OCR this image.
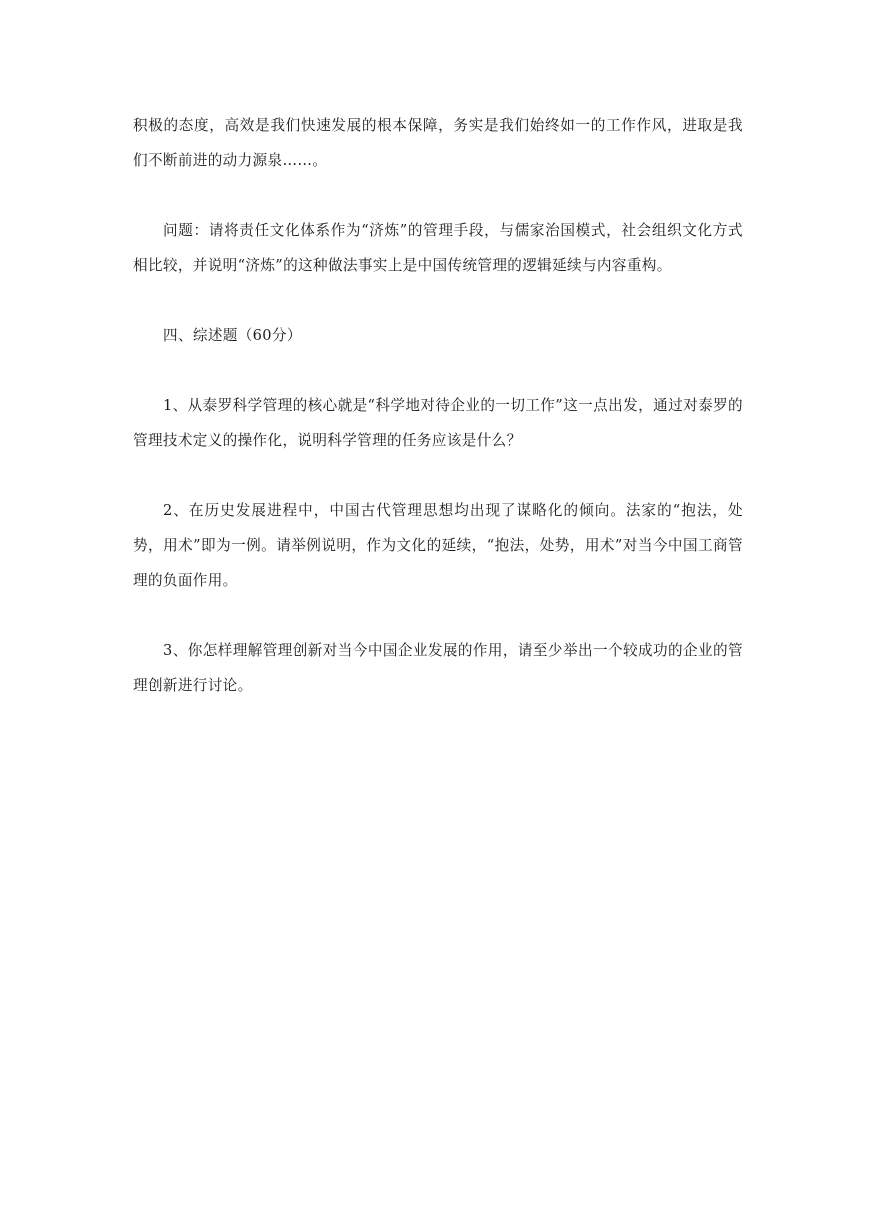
积极的态度，高效是我们快速发展的根本保障，务实是我们始终如一的工作作风，进取是我们不断前进的动力源泉……。

问题：请将责任文化体系作为“济炼”的管理手段，与儒家治国模式，社会组织文化方式相比较，并说明“济炼”的这种做法事实上是中国传统管理的逻辑延续与内容重构。

四、综述题（60分）

1、从泰罗科学管理的核心就是“科学地对待企业的一切工作”这一点出发，通过对泰罗的管理技术定义的操作化，说明科学管理的任务应该是什么？

2、在历史发展进程中，中国古代管理思想均出现了谋略化的倾向。法家的“抱法，处势，用术”即为一例。请举例说明，作为文化的延续，“抱法，处势，用术”对当今中国工商管理的负面作用。

3、你怎样理解管理创新对当今中国企业发展的作用，请至少举出一个较成功的企业的管理创新进行讨论。
